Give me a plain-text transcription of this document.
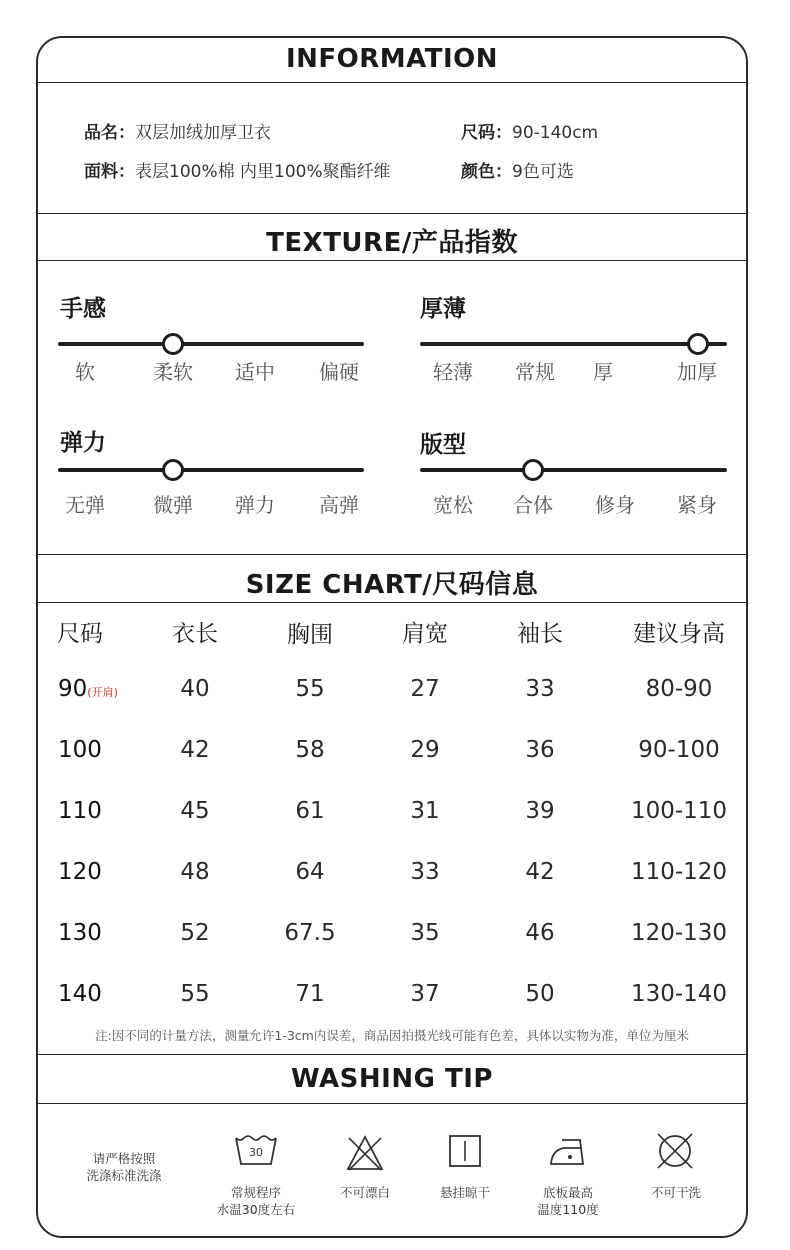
INFORMATION
品名：双层加绒加厚卫衣	尺码：90-140cm
面料：表层100%棉 内里100%聚酯纤维	颜色：9色可选
TEXTURE/产品指数
手感
软	柔软	适中	偏硬
厚薄
轻薄	常规	厚	加厚
弹力
无弹	微弹	弹力	高弹
版型
宽松	合体	修身	紧身
SIZE CHART/尺码信息
尺码	衣长	胸围	肩宽	袖长	建议身高
90(开肩)	40	55	27	33	80-90
100	42	58	29	36	90-100
110	45	61	31	39	100-110
120	48	64	33	42	110-120
130	52	67.5	35	46	120-130
140	55	71	37	50	130-140
注:因不同的计量方法，测量允许1-3cm内误差，商品因拍摄光线可能有色差，具体以实物为准，单位为厘米
WASHING TIP
请严格按照
洗涤标准洗涤
30
常规程序
水温30度左右
不可漂白	悬挂晾干	底板最高
温度110度
不可干洗
